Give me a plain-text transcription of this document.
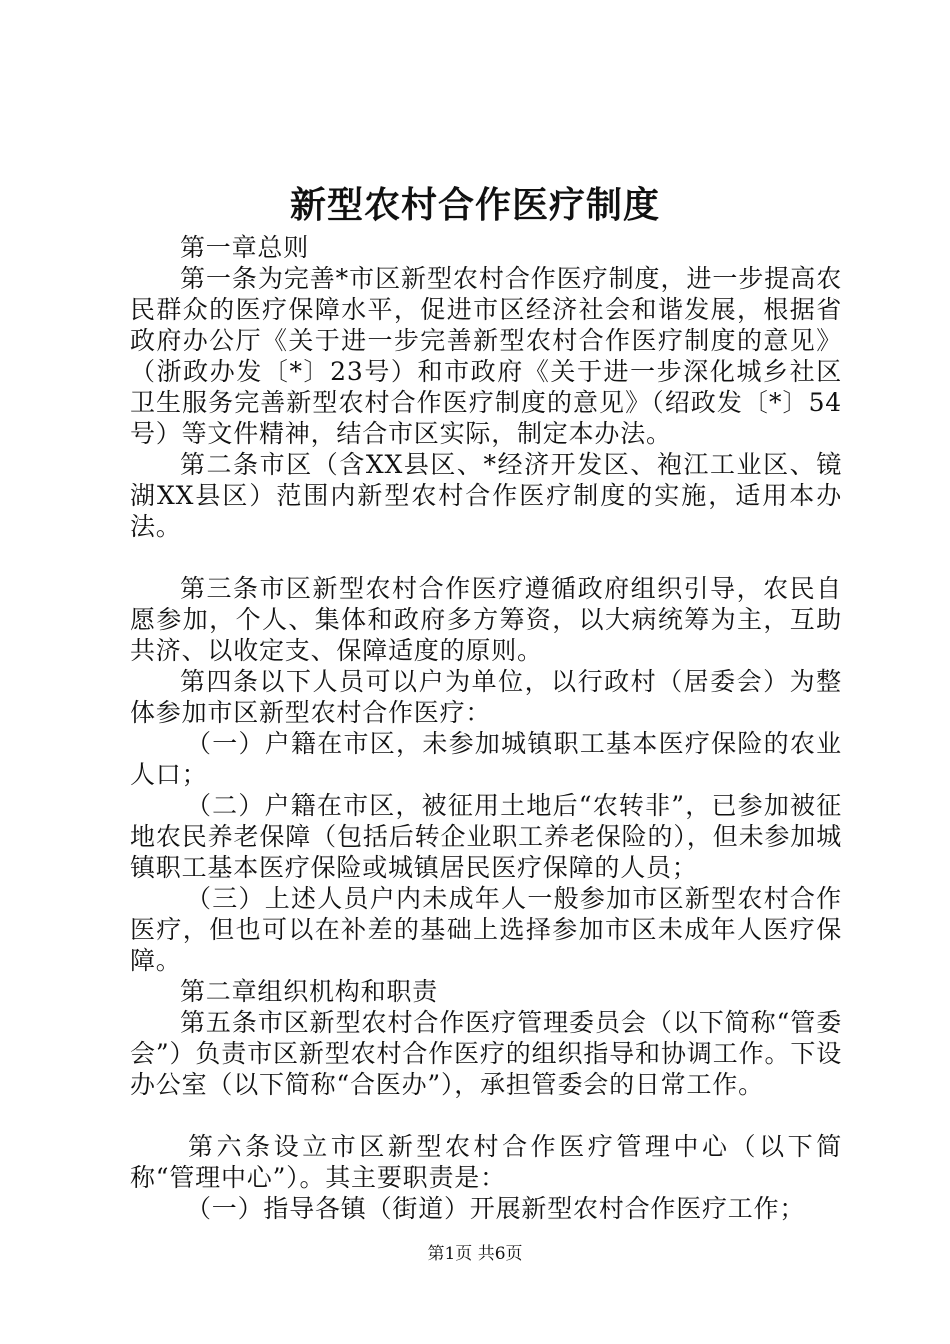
新型农村合作医疗制度

第一章总则

第一条为完善*市区新型农村合作医疗制度，进一步提高农民群众的医疗保障水平，促进市区经济社会和谐发展，根据省政府办公厅《关于进一步完善新型农村合作医疗制度的意见》（浙政办发〔*〕23号）和市政府《关于进一步深化城乡社区卫生服务完善新型农村合作医疗制度的意见》（绍政发〔*〕54号）等文件精神，结合市区实际，制定本办法。

第二条市区（含XX县区、*经济开发区、袍江工业区、镜湖XX县区）范围内新型农村合作医疗制度的实施，适用本办法。

第三条市区新型农村合作医疗遵循政府组织引导，农民自愿参加，个人、集体和政府多方筹资，以大病统筹为主，互助共济、以收定支、保障适度的原则。

第四条以下人员可以户为单位，以行政村（居委会）为整体参加市区新型农村合作医疗：

（一）户籍在市区，未参加城镇职工基本医疗保险的农业人口；

（二）户籍在市区，被征用土地后“农转非”，已参加被征地农民养老保障（包括后转企业职工养老保险的），但未参加城镇职工基本医疗保险或城镇居民医疗保障的人员；

（三）上述人员户内未成年人一般参加市区新型农村合作医疗，但也可以在补差的基础上选择参加市区未成年人医疗保障。

第二章组织机构和职责

第五条市区新型农村合作医疗管理委员会（以下简称“管委会”）负责市区新型农村合作医疗的组织指导和协调工作。下设办公室（以下简称“合医办”），承担管委会的日常工作。

第六条设立市区新型农村合作医疗管理中心（以下简称“管理中心”）。其主要职责是：

（一）指导各镇（街道）开展新型农村合作医疗工作；

第1页 共6页
